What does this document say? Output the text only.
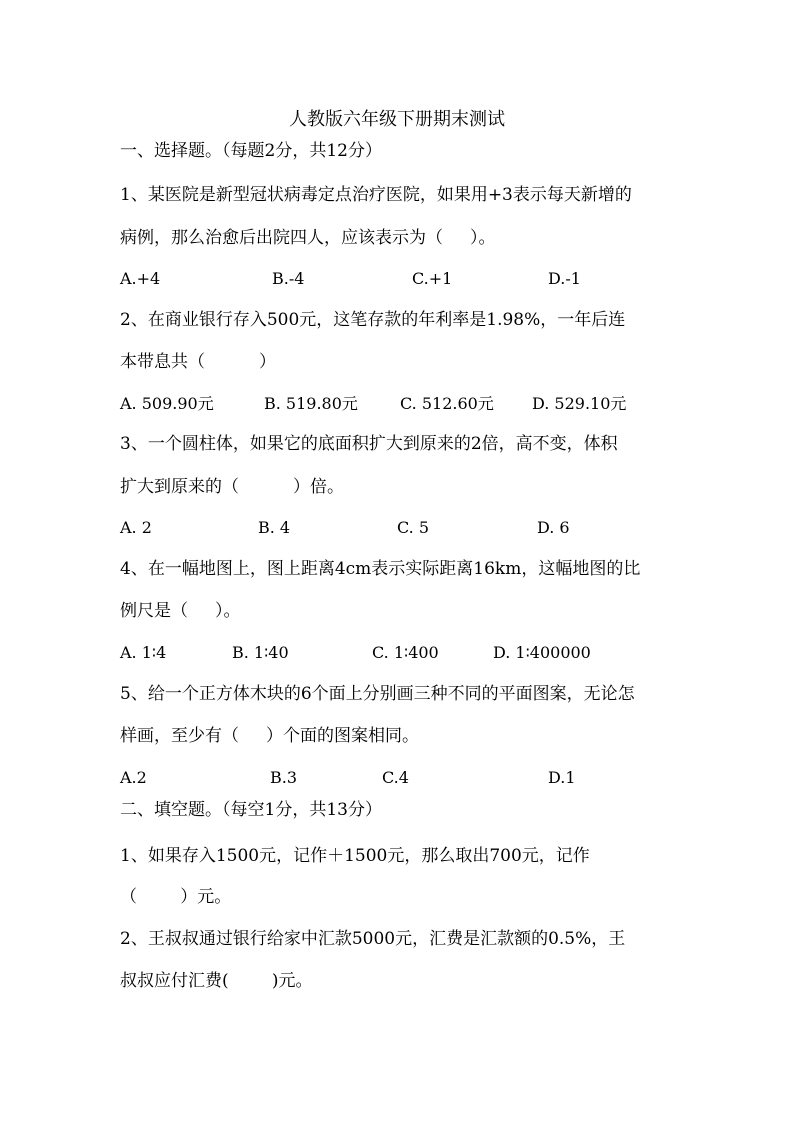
人教版六年级下册期末测试
一、选择题。（每题2分，共12分）
1、某医院是新型冠状病毒定点治疗医院，如果用+3表示每天新增的
病例，那么治愈后出院四人，应该表示为（     ）。
A.+4	B.-4	C.+1	D.-1
2、在商业银行存入500元，这笔存款的年利率是1.98%，一年后连
本带息共（          ）
A. 509.90元	B. 519.80元	C. 512.60元 D. 529.10元
3、一个圆柱体，如果它的底面积扩大到原来的2倍，高不变，体积
扩大到原来的（          ）倍。
A. 2	B. 4	C. 5	D. 6
4、在一幅地图上，图上距离4cm表示实际距离16km，这幅地图的比
例尺是（     ）。
A. 1∶4	B. 1∶40	C. 1∶400	D. 1∶400000
5、给一个正方体木块的6个面上分别画三种不同的平面图案，无论怎
样画，至少有（     ）个面的图案相同。
A.2	B.3	C.4	D.1
二、填空题。（每空1分，共13分）
1、如果存入1500元，记作＋1500元，那么取出700元，记作
（        ）元。
2、王叔叔通过银行给家中汇款5000元，汇费是汇款额的0.5%，王
叔叔应付汇费(        )元。
